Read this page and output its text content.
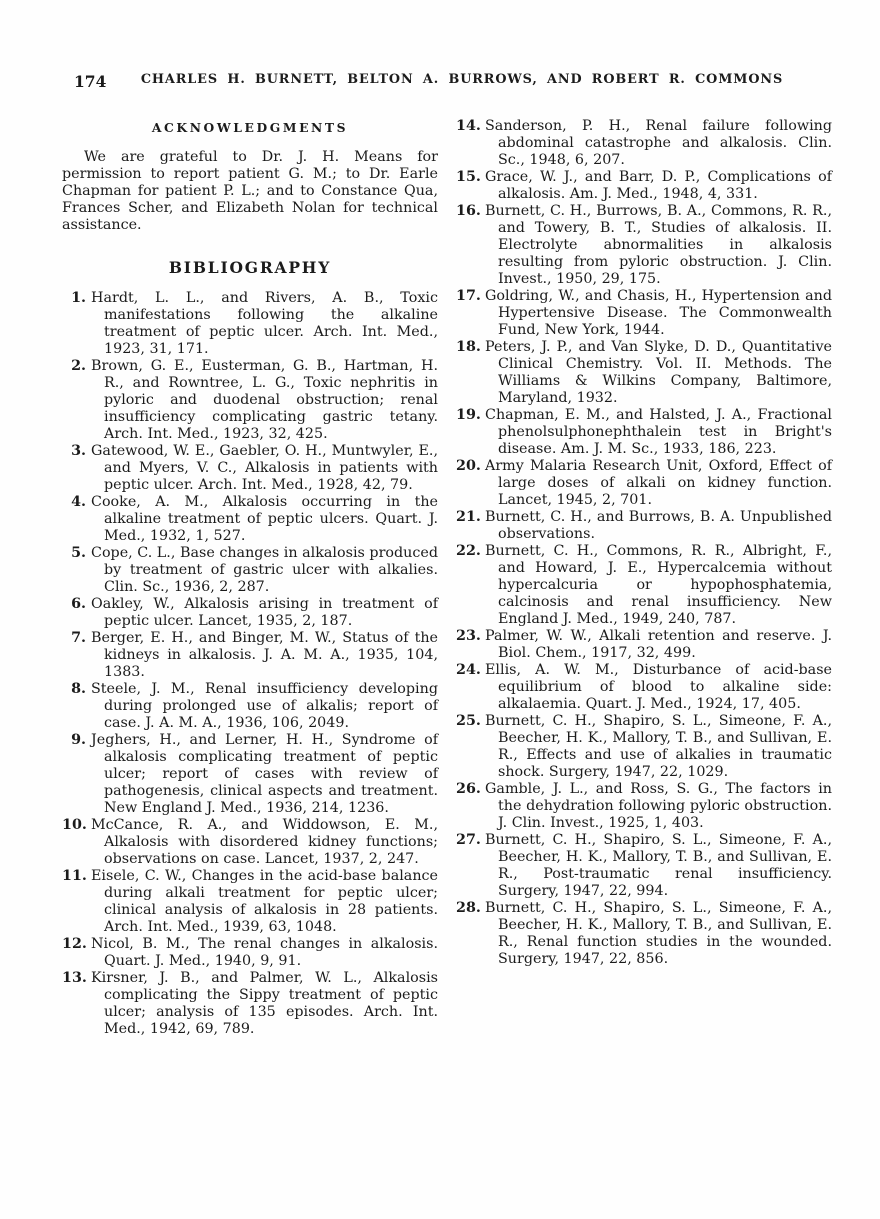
174	CHARLES H. BURNETT, BELTON A. BURROWS, AND ROBERT R. COMMONS
ACKNOWLEDGMENTS

We are grateful to Dr. J. H. Means for permission to report patient G. M.; to Dr. Earle Chapman for patient P. L.; and to Constance Qua, Frances Scher, and Elizabeth Nolan for technical assistance.

BIBLIOGRAPHY

1. Hardt, L. L., and Rivers, A. B., Toxic manifestations following the alkaline treatment of peptic ulcer. Arch. Int. Med., 1923, 31, 171.

2. Brown, G. E., Eusterman, G. B., Hartman, H. R., and Rowntree, L. G., Toxic nephritis in pyloric and duodenal obstruction; renal insufficiency complicating gastric tetany. Arch. Int. Med., 1923, 32, 425.

3. Gatewood, W. E., Gaebler, O. H., Muntwyler, E., and Myers, V. C., Alkalosis in patients with peptic ulcer. Arch. Int. Med., 1928, 42, 79.

4. Cooke, A. M., Alkalosis occurring in the alkaline treatment of peptic ulcers. Quart. J. Med., 1932, 1, 527.

5. Cope, C. L., Base changes in alkalosis produced by treatment of gastric ulcer with alkalies. Clin. Sc., 1936, 2, 287.

6. Oakley, W., Alkalosis arising in treatment of peptic ulcer. Lancet, 1935, 2, 187.

7. Berger, E. H., and Binger, M. W., Status of the kidneys in alkalosis. J. A. M. A., 1935, 104, 1383.

8. Steele, J. M., Renal insufficiency developing during prolonged use of alkalis; report of case. J. A. M. A., 1936, 106, 2049.

9. Jeghers, H., and Lerner, H. H., Syndrome of alkalosis complicating treatment of peptic ulcer; report of cases with review of pathogenesis, clinical aspects and treatment. New England J. Med., 1936, 214, 1236.

10. McCance, R. A., and Widdowson, E. M., Alkalosis with disordered kidney functions; observations on case. Lancet, 1937, 2, 247.

11. Eisele, C. W., Changes in the acid-base balance during alkali treatment for peptic ulcer; clinical analysis of alkalosis in 28 patients. Arch. Int. Med., 1939, 63, 1048.

12. Nicol, B. M., The renal changes in alkalosis. Quart. J. Med., 1940, 9, 91.

13. Kirsner, J. B., and Palmer, W. L., Alkalosis complicating the Sippy treatment of peptic ulcer; analysis of 135 episodes. Arch. Int. Med., 1942, 69, 789.

14. Sanderson, P. H., Renal failure following abdominal catastrophe and alkalosis. Clin. Sc., 1948, 6, 207.

15. Grace, W. J., and Barr, D. P., Complications of alkalosis. Am. J. Med., 1948, 4, 331.

16. Burnett, C. H., Burrows, B. A., Commons, R. R., and Towery, B. T., Studies of alkalosis. II. Electrolyte abnormalities in alkalosis resulting from pyloric obstruction. J. Clin. Invest., 1950, 29, 175.

17. Goldring, W., and Chasis, H., Hypertension and Hypertensive Disease. The Commonwealth Fund, New York, 1944.

18. Peters, J. P., and Van Slyke, D. D., Quantitative Clinical Chemistry. Vol. II. Methods. The Williams & Wilkins Company, Baltimore, Maryland, 1932.

19. Chapman, E. M., and Halsted, J. A., Fractional phenolsulphonephthalein test in Bright's disease. Am. J. M. Sc., 1933, 186, 223.

20. Army Malaria Research Unit, Oxford, Effect of large doses of alkali on kidney function. Lancet, 1945, 2, 701.

21. Burnett, C. H., and Burrows, B. A. Unpublished observations.

22. Burnett, C. H., Commons, R. R., Albright, F., and Howard, J. E., Hypercalcemia without hypercalcuria or hypophosphatemia, calcinosis and renal insufficiency. New England J. Med., 1949, 240, 787.

23. Palmer, W. W., Alkali retention and reserve. J. Biol. Chem., 1917, 32, 499.

24. Ellis, A. W. M., Disturbance of acid-base equilibrium of blood to alkaline side: alkalaemia. Quart. J. Med., 1924, 17, 405.

25. Burnett, C. H., Shapiro, S. L., Simeone, F. A., Beecher, H. K., Mallory, T. B., and Sullivan, E. R., Effects and use of alkalies in traumatic shock. Surgery, 1947, 22, 1029.

26. Gamble, J. L., and Ross, S. G., The factors in the dehydration following pyloric obstruction. J. Clin. Invest., 1925, 1, 403.

27. Burnett, C. H., Shapiro, S. L., Simeone, F. A., Beecher, H. K., Mallory, T. B., and Sullivan, E. R., Post-traumatic renal insufficiency. Surgery, 1947, 22, 994.

28. Burnett, C. H., Shapiro, S. L., Simeone, F. A., Beecher, H. K., Mallory, T. B., and Sullivan, E. R., Renal function studies in the wounded. Surgery, 1947, 22, 856.
